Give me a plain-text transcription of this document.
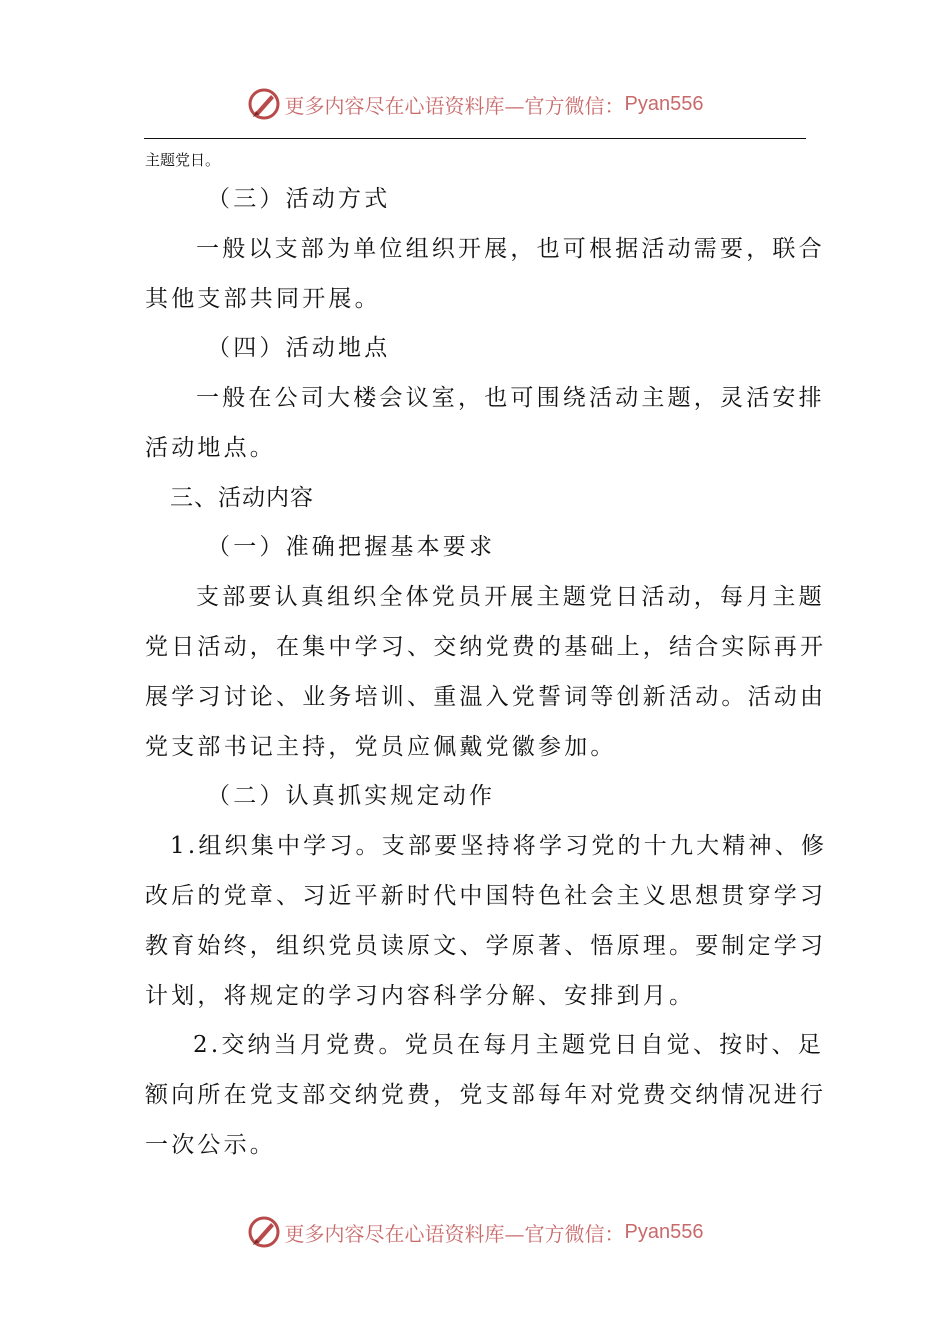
更多内容尽在心语资料库—官方微信： Pyan556
主题党日。
（三）活动方式
一般以支部为单位组织开展，也可根据活动需要，联合
其他支部共同开展。
（四）活动地点
一般在公司大楼会议室，也可围绕活动主题，灵活安排
活动地点。
三、活动内容
（一）准确把握基本要求
支部要认真组织全体党员开展主题党日活动，每月主题
党日活动，在集中学习、交纳党费的基础上，结合实际再开
展学习讨论、业务培训、重温入党誓词等创新活动。活动由
党支部书记主持，党员应佩戴党徽参加。
（二）认真抓实规定动作
1.组织集中学习。支部要坚持将学习党的十九大精神、修
改后的党章、习近平新时代中国特色社会主义思想贯穿学习
教育始终，组织党员读原文、学原著、悟原理。要制定学习
计划，将规定的学习内容科学分解、安排到月。
2.交纳当月党费。党员在每月主题党日自觉、按时、足
额向所在党支部交纳党费，党支部每年对党费交纳情况进行
一次公示。
更多内容尽在心语资料库—官方微信： Pyan556
